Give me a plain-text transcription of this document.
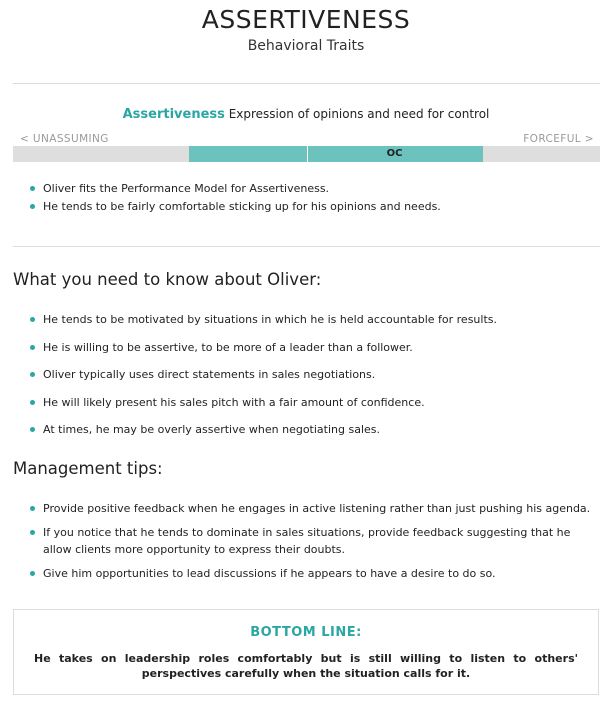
ASSERTIVENESS
Behavioral Traits
Assertiveness Expression of opinions and need for control
< UNASSUMING	FORCEFUL >
OC
Oliver fits the Performance Model for Assertiveness.
He tends to be fairly comfortable sticking up for his opinions and needs.
What you need to know about Oliver:
He tends to be motivated by situations in which he is held accountable for results.
He is willing to be assertive, to be more of a leader than a follower.
Oliver typically uses direct statements in sales negotiations.
He will likely present his sales pitch with a fair amount of confidence.
At times, he may be overly assertive when negotiating sales.
Management tips:
Provide positive feedback when he engages in active listening rather than just pushing his agenda.
If you notice that he tends to dominate in sales situations, provide feedback suggesting that he allow clients more opportunity to express their doubts.
Give him opportunities to lead discussions if he appears to have a desire to do so.
BOTTOM LINE:
He takes on leadership roles comfortably but is still willing to listen to others' perspectives carefully when the situation calls for it.
